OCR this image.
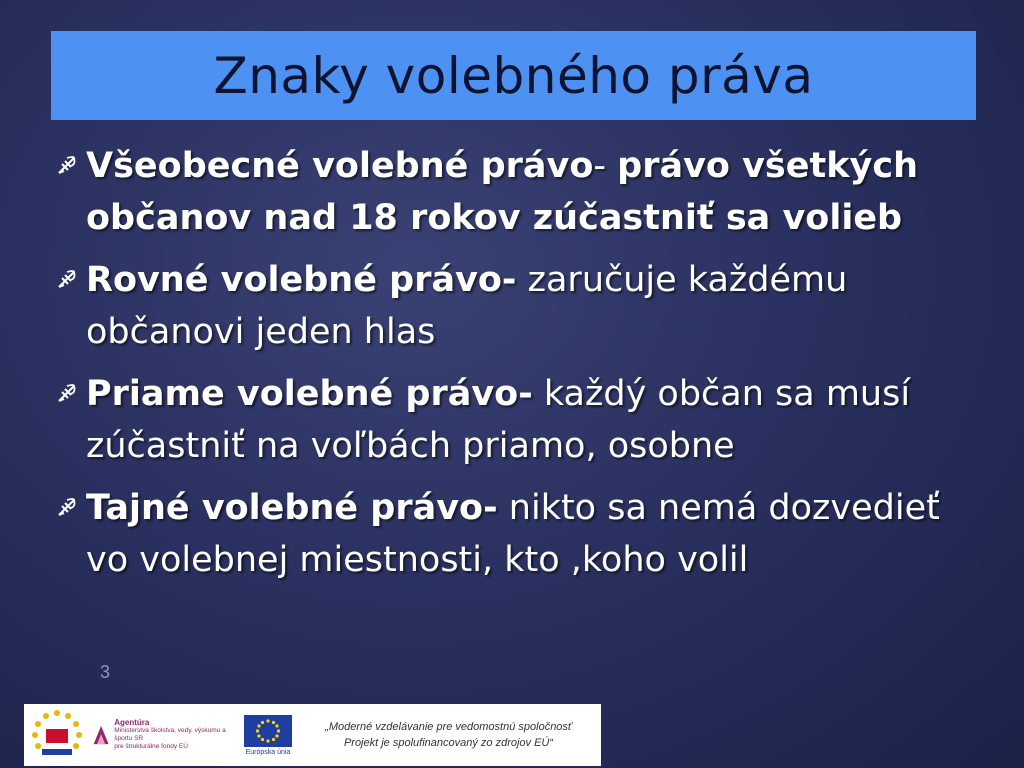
Znaky volebného práva
Všeobecné volebné právo- právo všetkých občanov nad 18 rokov zúčastniť sa volieb
Rovné volebné právo- zaručuje každému občanovi jeden hlas
Priame volebné právo- každý občan sa musí zúčastniť na voľbách priamo, osobne
Tajné volebné právo- nikto sa nemá dozvedieť vo volebnej miestnosti, kto ,koho volil
3
Agentúra
Ministerstva školstva, vedy, výskumu a športu SR
pre štrukturálne fondy EÚ
Európska únia
„Moderné vzdelávanie pre vedomostnú spoločnosť
Projekt je spolufinancovaný zo zdrojov EÚ“
